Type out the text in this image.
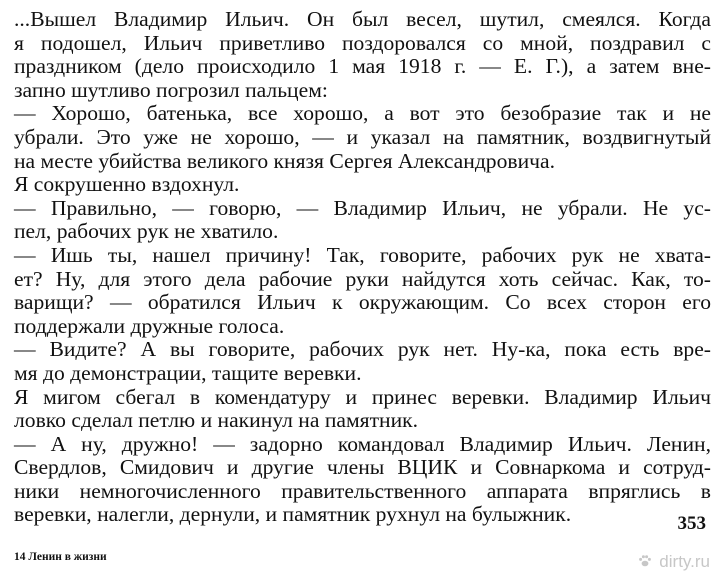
...Вышел Владимир Ильич. Он был весел, шутил, смеялся. Когда
я подошел, Ильич приветливо поздоровался со мной, поздравил с
праздником (дело происходило 1 мая 1918 г. — Е. Г.), а затем вне-
запно шутливо погрозил пальцем:
— Хорошо, батенька, все хорошо, а вот это безобразие так и не
убрали. Это уже не хорошо, — и указал на памятник, воздвигнутый
на месте убийства великого князя Сергея Александровича.
Я сокрушенно вздохнул.
— Правильно, — говорю, — Владимир Ильич, не убрали. Не ус-
пел, рабочих рук не хватило.
— Ишь ты, нашел причину! Так, говорите, рабочих рук не хвата-
ет? Ну, для этого дела рабочие руки найдутся хоть сейчас. Как, то-
варищи? — обратился Ильич к окружающим. Со всех сторон его
поддержали дружные голоса.
— Видите? А вы говорите, рабочих рук нет. Ну-ка, пока есть вре-
мя до демонстрации, тащите веревки.
Я мигом сбегал в комендатуру и принес веревки. Владимир Ильич
ловко сделал петлю и накинул на памятник.
— А ну, дружно! — задорно командовал Владимир Ильич. Ленин,
Свердлов, Смидович и другие члены ВЦИК и Совнаркома и сотруд-
ники немногочисленного правительственного аппарата впряглись в
веревки, налегли, дернули, и памятник рухнул на булыжник.	353
14 Ленин в жизни	dirty.ru
